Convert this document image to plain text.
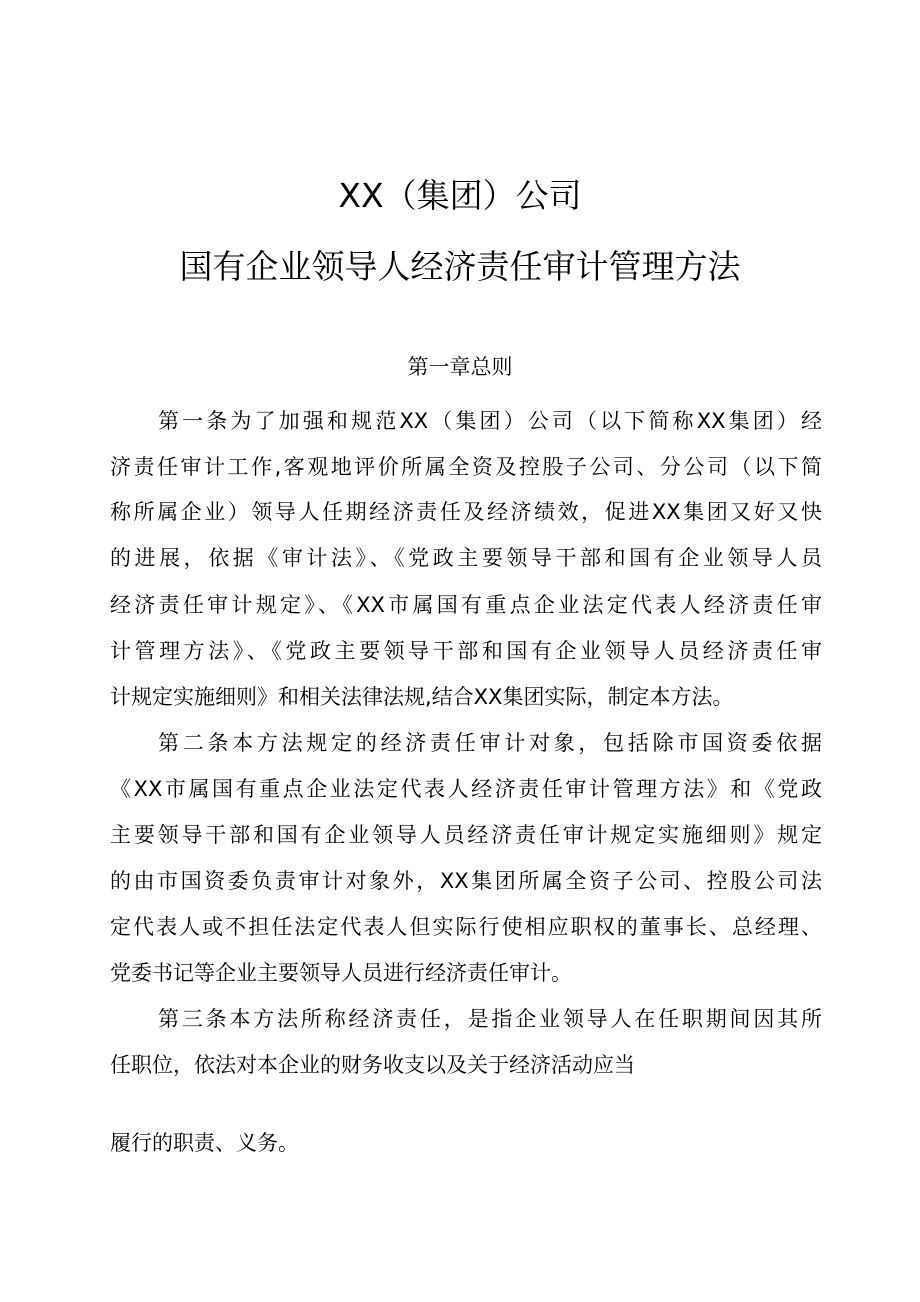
XX（集团）公司
国有企业领导人经济责任审计管理方法
第一章总则
第一条为了加强和规范XX（集团）公司（以下简称XX集团）经
济责任审计工作,客观地评价所属全资及控股子公司、分公司（以下简
称所属企业）领导人任期经济责任及经济绩效，促进XX集团又好又快
的进展，依据《审计法》、《党政主要领导干部和国有企业领导人员
经济责任审计规定》、《XX市属国有重点企业法定代表人经济责任审
计管理方法》、《党政主要领导干部和国有企业领导人员经济责任审
计规定实施细则》和相关法律法规,结合XX集团实际，制定本方法。
第二条本方法规定的经济责任审计对象，包括除市国资委依据
《XX市属国有重点企业法定代表人经济责任审计管理方法》和《党政
主要领导干部和国有企业领导人员经济责任审计规定实施细则》规定
的由市国资委负责审计对象外，XX集团所属全资子公司、控股公司法
定代表人或不担任法定代表人但实际行使相应职权的董事长、总经理、
党委书记等企业主要领导人员进行经济责任审计。
第三条本方法所称经济责任，是指企业领导人在任职期间因其所
任职位，依法对本企业的财务收支以及关于经济活动应当
履行的职责、义务。
